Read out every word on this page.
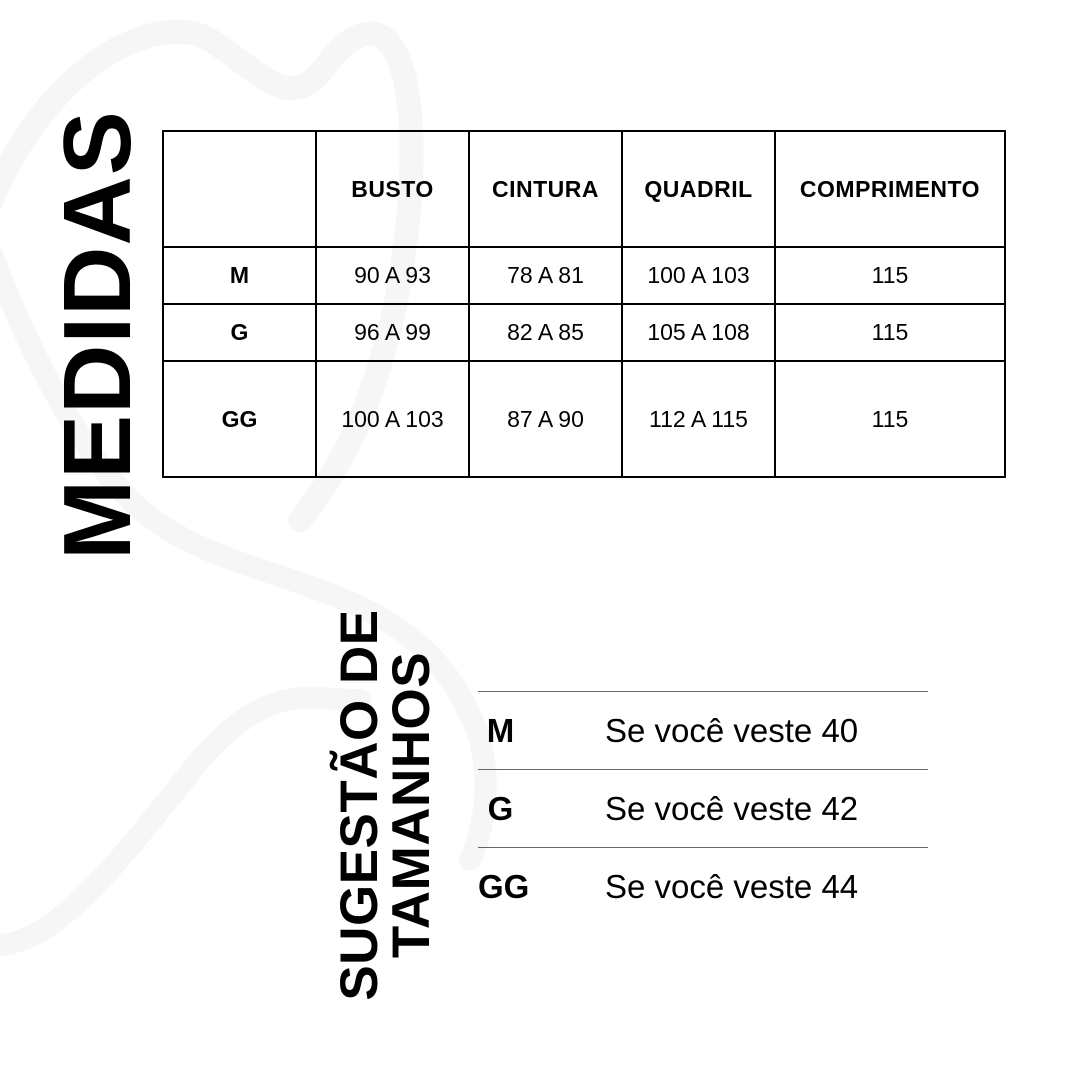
MEDIDAS
		BUSTO	CINTURA	QUADRIL	COMPRIMENTO
M	90 A 93	78 A 81	100 A 103	115
G	96 A 99	82 A 85	105 A 108	115
GG	100 A 103	87 A 90	112 A 115	115
SUGESTÃO DE
TAMANHOS M	Se você veste 40
G	Se você veste 42
GG Se você veste 44
